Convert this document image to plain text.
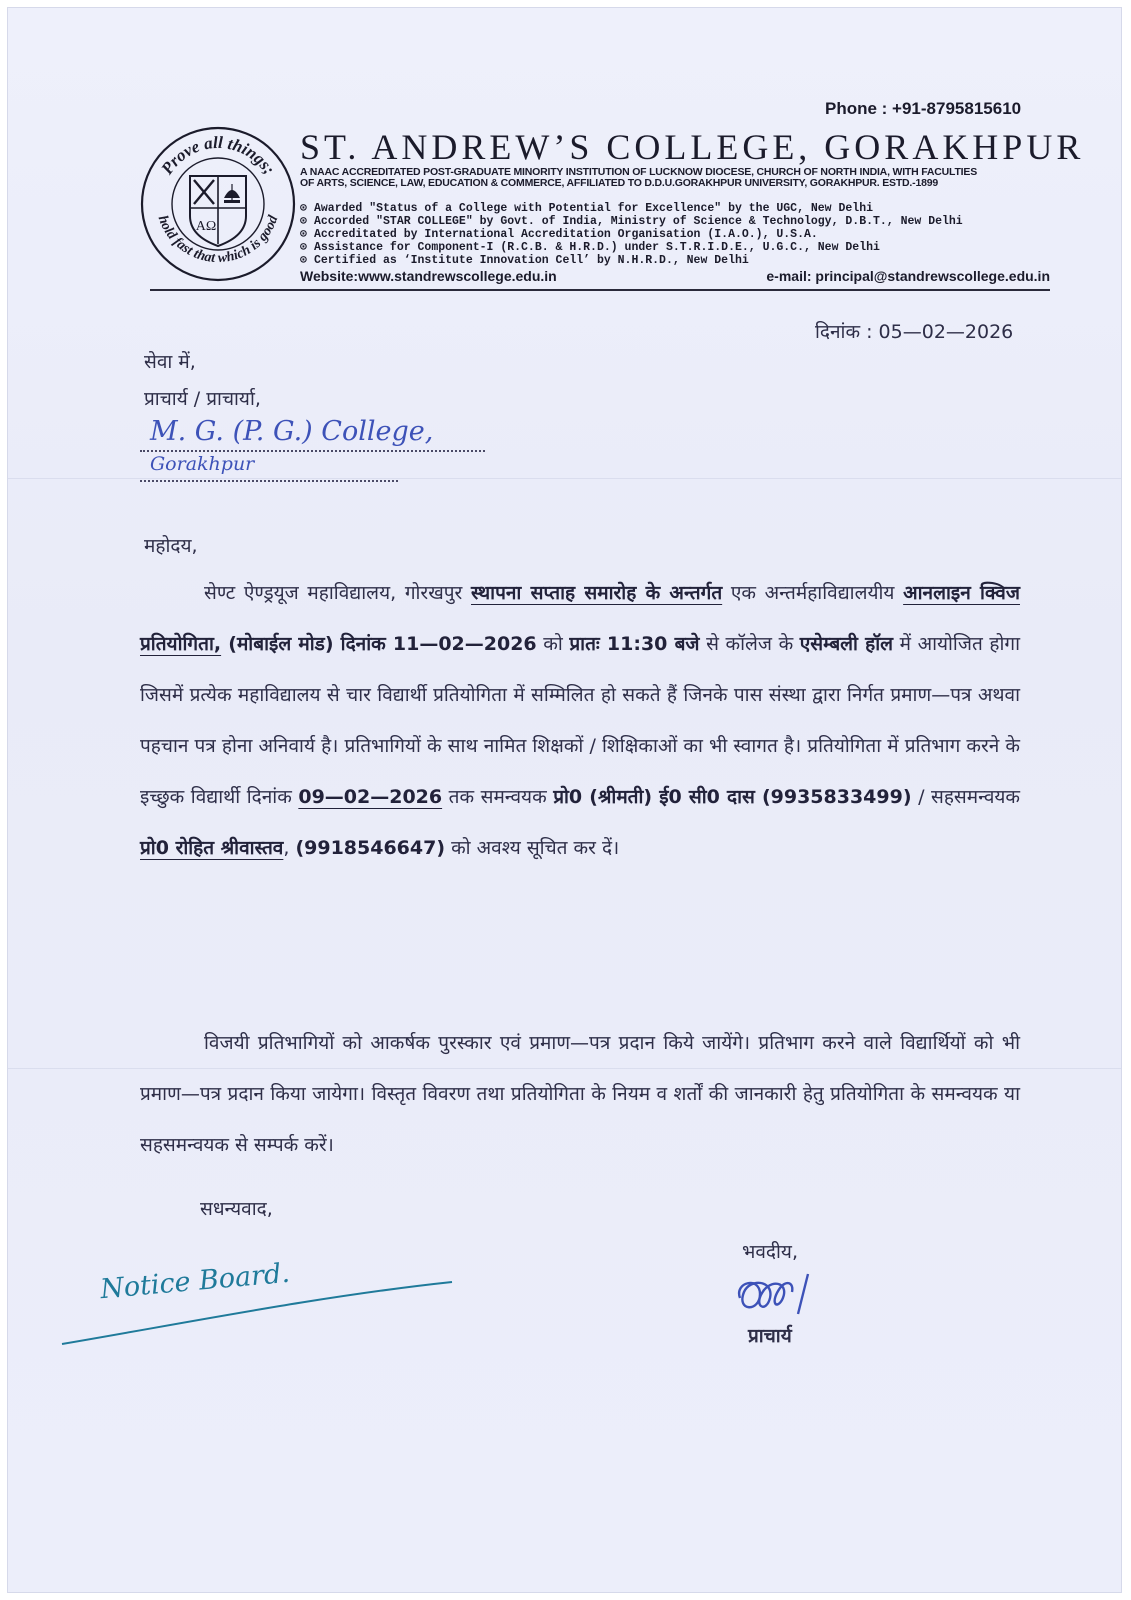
Phone : +91-8795815610
Prove all things;
hold fast that which is good
AΩ
ST. ANDREW’S COLLEGE, GORAKHPUR
A NAAC ACCREDITATED POST-GRADUATE MINORITY INSTITUTION OF LUCKNOW DIOCESE, CHURCH OF NORTH INDIA, WITH FACULTIES
OF ARTS, SCIENCE, LAW, EDUCATION & COMMERCE, AFFILIATED TO D.D.U.GORAKHPUR UNIVERSITY, GORAKHPUR. ESTD.-1899
⊙ Awarded "Status of a College with Potential for Excellence" by the UGC, New Delhi
⊙ Accorded "STAR COLLEGE" by Govt. of India, Ministry of Science & Technology, D.B.T., New Delhi
⊙ Accreditated by International Accreditation Organisation (I.A.O.), U.S.A.
⊙ Assistance for Component-I (R.C.B. & H.R.D.) under S.T.R.I.D.E., U.G.C., New Delhi
⊙ Certified as ‘Institute Innovation Cell’ by N.H.R.D., New Delhi
Website:www.standrewscollege.edu.in	e-mail: principal@standrewscollege.edu.in
दिनांक : 05—02—2026
सेवा में,
प्राचार्य / प्राचार्या,
M. G. (P. G.) College,
Gorakhpur
महोदय,
सेण्ट ऐण्ड्रयूज महाविद्यालय, गोरखपुर स्थापना सप्ताह समारोह के अन्तर्गत एक अन्तर्महाविद्यालयीय आनलाइन क्विज प्रतियोगिता, (मोबाईल मोड) दिनांक 11—02—2026 को प्रातः 11:30 बजे से कॉलेज के एसेम्बली हॉल में आयोजित होगा जिसमें प्रत्येक महाविद्यालय से चार विद्यार्थी प्रतियोगिता में सम्मिलित हो सकते हैं जिनके पास संस्था द्वारा निर्गत प्रमाण—पत्र अथवा पहचान पत्र होना अनिवार्य है। प्रतिभागियों के साथ नामित शिक्षकों / शिक्षिकाओं का भी स्वागत है। प्रतियोगिता में प्रतिभाग करने के इच्छुक विद्यार्थी दिनांक 09—02—2026 तक समन्वयक प्रो0 (श्रीमती) ई0 सी0 दास (9935833499) / सहसमन्वयक प्रो0 रोहित श्रीवास्तव, (9918546647) को अवश्य सूचित कर दें।
विजयी प्रतिभागियों को आकर्षक पुरस्कार एवं प्रमाण—पत्र प्रदान किये जायेंगे। प्रतिभाग करने वाले विद्यार्थियों को भी प्रमाण—पत्र प्रदान किया जायेगा। विस्तृत विवरण तथा प्रतियोगिता के नियम व शर्तों की जानकारी हेतु प्रतियोगिता के समन्वयक या सहसमन्वयक से सम्पर्क करें।
सधन्यवाद,
भवदीय,
प्राचार्य
Notice Board.
